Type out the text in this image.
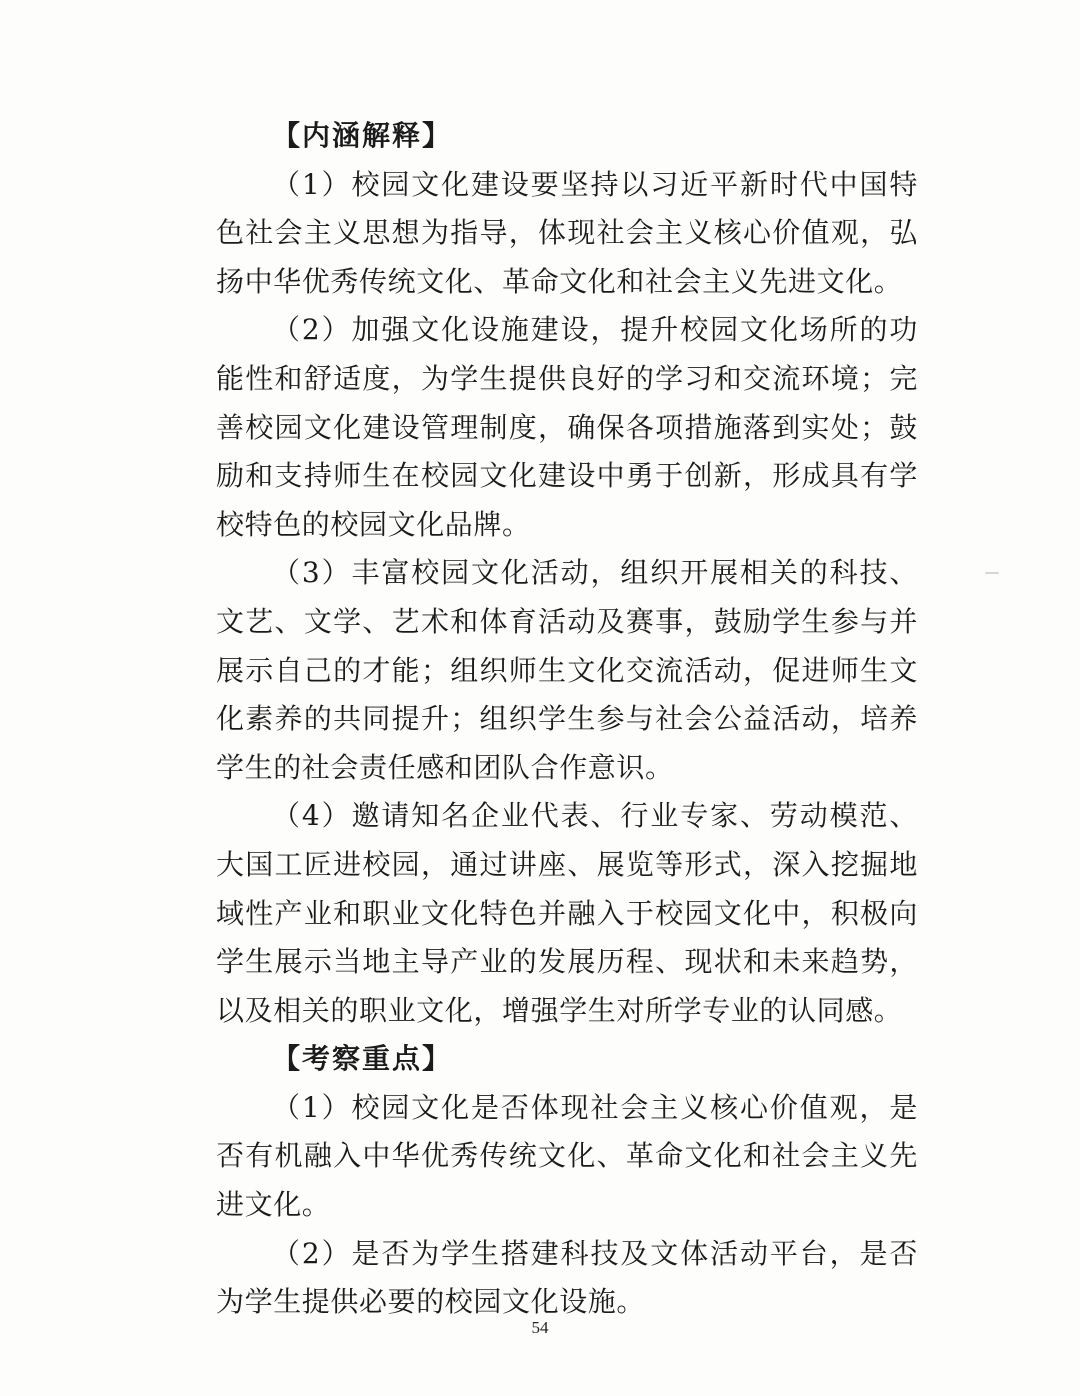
【内涵解释】

（1）校园文化建设要坚持以习近平新时代中国特色社会主义思想为指导，体现社会主义核心价值观，弘扬中华优秀传统文化、革命文化和社会主义先进文化。

（2）加强文化设施建设，提升校园文化场所的功能性和舒适度，为学生提供良好的学习和交流环境；完善校园文化建设管理制度，确保各项措施落到实处；鼓励和支持师生在校园文化建设中勇于创新，形成具有学校特色的校园文化品牌。

（3）丰富校园文化活动，组织开展相关的科技、文艺、文学、艺术和体育活动及赛事，鼓励学生参与并展示自己的才能；组织师生文化交流活动，促进师生文化素养的共同提升；组织学生参与社会公益活动，培养学生的社会责任感和团队合作意识。

（4）邀请知名企业代表、行业专家、劳动模范、大国工匠进校园，通过讲座、展览等形式，深入挖掘地域性产业和职业文化特色并融入于校园文化中，积极向学生展示当地主导产业的发展历程、现状和未来趋势，以及相关的职业文化，增强学生对所学专业的认同感。

【考察重点】

（1）校园文化是否体现社会主义核心价值观，是否有机融入中华优秀传统文化、革命文化和社会主义先进文化。

（2）是否为学生搭建科技及文体活动平台，是否为学生提供必要的校园文化设施。

54
